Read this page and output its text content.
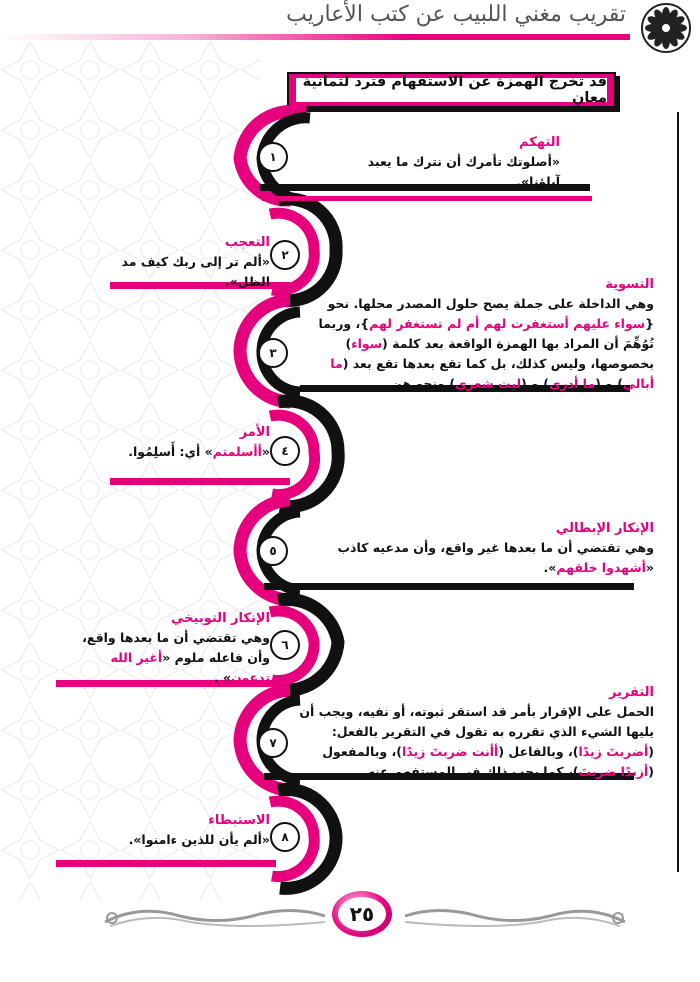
تقريب مغني اللبيب عن كتب الأعاريب
قد تخرج الهمزة عن الاستفهام فترد لثمانية معانٍ
التهكم
«أصلوتك تأمرك أن نترك ما يعبد آباؤنا».
١
التعجب
«ألم تر إلى ربك كيف مد الظل».
٢
التسوية
وهي الداخلة على جملة يصح حلول المصدر محلها. نحو {سواء عليهم أستغفرت لهم أم لم تستغفر لهم}، وربما تُوُهِّمَ أن المراد بها الهمزة الواقعة بعد كلمة (سواء) بخصوصها، وليس كذلك، بل كما تقع بعدها تقع بعد (ما أبالي) و (ما أدري) و (ليت شعري) ونحو هن.
٣
الأمر
«أأسلمتم» أي: أَسلِمُوا.	٤
الإنكار الإبطالي
وهي تقتضي أن ما بعدها غير واقع، وأن مدعيه كاذب «أشهدوا خلقهم».
٥
الإنكار التوبيخي
وهي تقتضي أن ما بعدها واقع، وأن فاعله ملوم «أغير الله تدعون» .
٦
التقرير
الحمل على الإقرار بأمر قد استقر ثبوته، أو نفيه، ويجب أن يليها الشيء الذي تقرره به تقول في التقرير بالفعل: (أضربتَ زيدًا)، وبالفاعل (أأنت ضربتَ زيدًا)، وبالمفعول (أزيدًا ضربتَ)، كما يجب ذلك في المستفهم عنه.
٧
الاستبطاء
«ألم يأن للذين ءامنوا». ٨
٢٥
